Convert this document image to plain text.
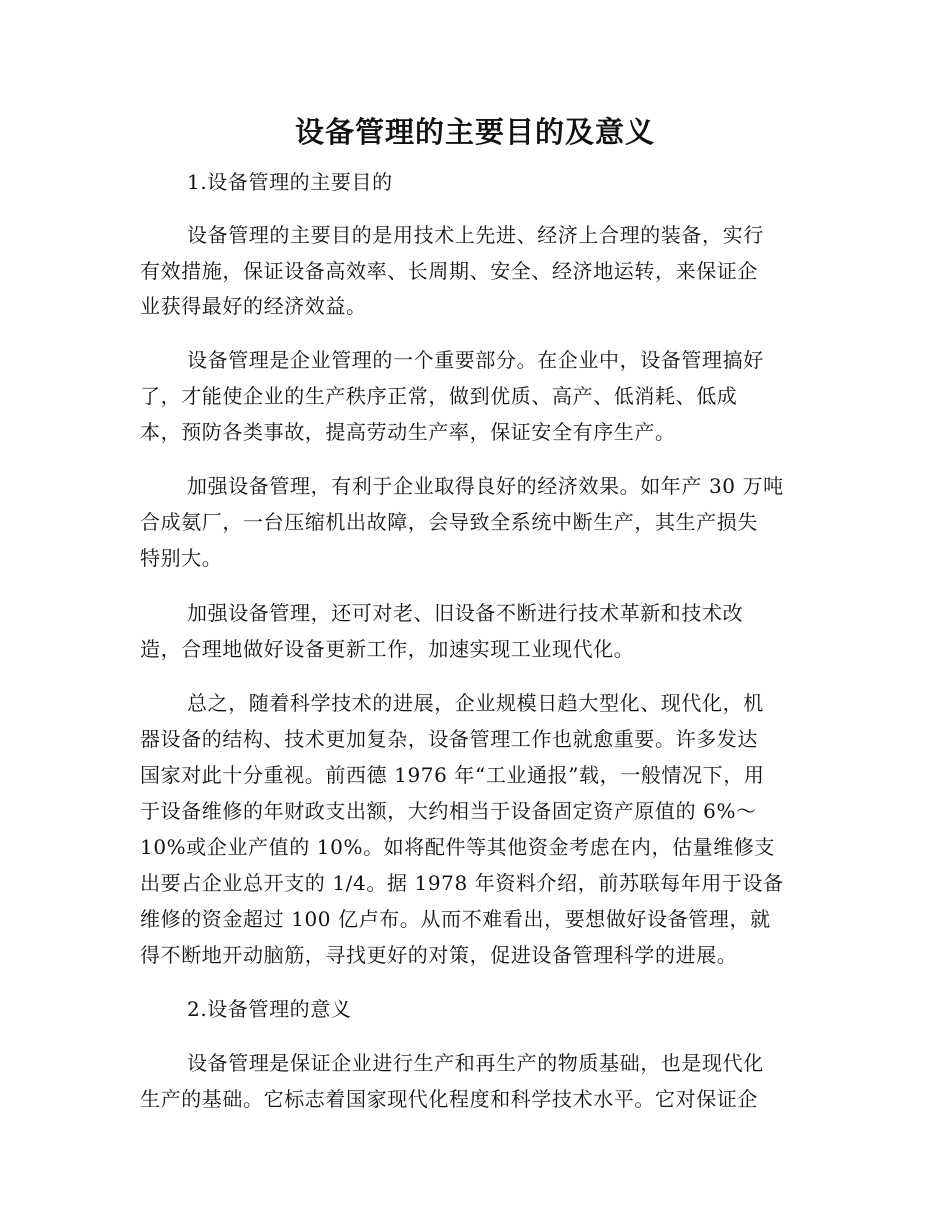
设备管理的主要目的及意义
1.设备管理的主要目的
设备管理的主要目的是用技术上先进、经济上合理的装备，实行
有效措施，保证设备高效率、长周期、安全、经济地运转，来保证企
业获得最好的经济效益。
设备管理是企业管理的一个重要部分。在企业中，设备管理搞好
了，才能使企业的生产秩序正常，做到优质、高产、低消耗、低成
本，预防各类事故，提高劳动生产率，保证安全有序生产。
加强设备管理，有利于企业取得良好的经济效果。如年产 30 万吨
合成氨厂，一台压缩机出故障，会导致全系统中断生产，其生产损失
特别大。
加强设备管理，还可对老、旧设备不断进行技术革新和技术改
造，合理地做好设备更新工作，加速实现工业现代化。
总之，随着科学技术的进展，企业规模日趋大型化、现代化，机
器设备的结构、技术更加复杂，设备管理工作也就愈重要。许多发达
国家对此十分重视。前西德 1976 年“工业通报”载，一般情况下，用
于设备维修的年财政支出额，大约相当于设备固定资产原值的 6%～
10%或企业产值的 10%。如将配件等其他资金考虑在内，估量维修支
出要占企业总开支的 1/4。据 1978 年资料介绍，前苏联每年用于设备
维修的资金超过 100 亿卢布。从而不难看出，要想做好设备管理，就
得不断地开动脑筋，寻找更好的对策，促进设备管理科学的进展。
2.设备管理的意义
设备管理是保证企业进行生产和再生产的物质基础，也是现代化
生产的基础。它标志着国家现代化程度和科学技术水平。它对保证企
